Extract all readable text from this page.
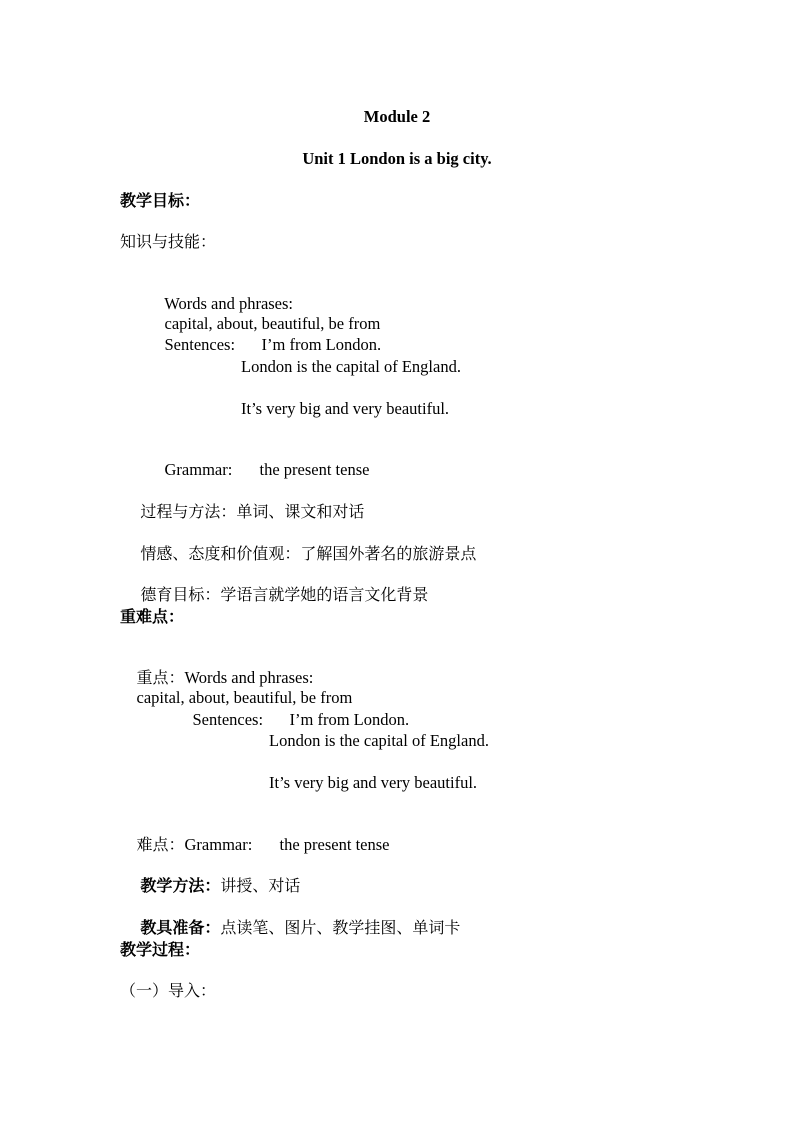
Module 2
Unit 1 London is a big city.
教学目标：
知识与技能：

Words and phrases:
capital, about, beautiful, be from

Sentences: I’m from London.

London is the capital of England.
It’s very big and very beautiful.

Grammar: the present tense

过程与方法：单词、课文和对话

情感、态度和价值观：了解国外著名的旅游景点

德育目标：学语言就学她的语言文化背景

重难点：

重点：Words and phrases:
capital, about, beautiful, be from

Sentences: I’m from London.

London is the capital of England.
It’s very big and very beautiful.

难点：Grammar: the present tense

教学方法：讲授、对话

教具准备：点读笔、图片、教学挂图、单词卡

教学过程：
（一）导入：
